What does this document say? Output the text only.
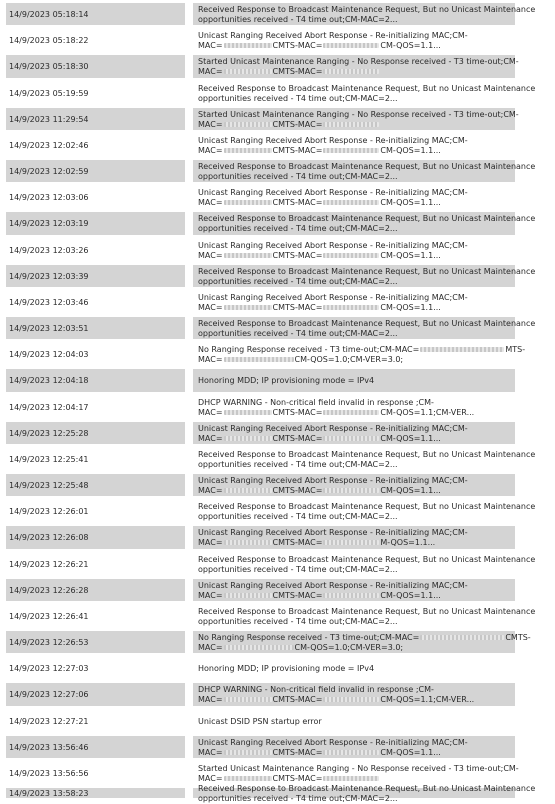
14/9/2023 05:18:14
Received Response to Broadcast Maintenance Request, But no Unicast Maintenance
opportunities received - T4 time out;CM-MAC=2...
14/9/2023 05:18:22
Unicast Ranging Received Abort Response - Re-initializing MAC;CM-
MAC=	CMTS-MAC=	CM-QOS=1.1...
14/9/2023 05:18:30
Started Unicast Maintenance Ranging - No Response received - T3 time-out;CM-
MAC=	CMTS-MAC=
14/9/2023 05:19:59
Received Response to Broadcast Maintenance Request, But no Unicast Maintenance
opportunities received - T4 time out;CM-MAC=2...
14/9/2023 11:29:54
Started Unicast Maintenance Ranging - No Response received - T3 time-out;CM-
MAC=	CMTS-MAC=
14/9/2023 12:02:46
Unicast Ranging Received Abort Response - Re-initializing MAC;CM-
MAC=	CMTS-MAC=	CM-QOS=1.1...
14/9/2023 12:02:59
Received Response to Broadcast Maintenance Request, But no Unicast Maintenance
opportunities received - T4 time out;CM-MAC=2...
14/9/2023 12:03:06
Unicast Ranging Received Abort Response - Re-initializing MAC;CM-
MAC=	CMTS-MAC=	CM-QOS=1.1...
14/9/2023 12:03:19
Received Response to Broadcast Maintenance Request, But no Unicast Maintenance
opportunities received - T4 time out;CM-MAC=2...
14/9/2023 12:03:26
Unicast Ranging Received Abort Response - Re-initializing MAC;CM-
MAC=	CMTS-MAC=	CM-QOS=1.1...
14/9/2023 12:03:39
Received Response to Broadcast Maintenance Request, But no Unicast Maintenance
opportunities received - T4 time out;CM-MAC=2...
14/9/2023 12:03:46
Unicast Ranging Received Abort Response - Re-initializing MAC;CM-
MAC=	CMTS-MAC=	CM-QOS=1.1...
14/9/2023 12:03:51
Received Response to Broadcast Maintenance Request, But no Unicast Maintenance
opportunities received - T4 time out;CM-MAC=2...
14/9/2023 12:04:03
No Ranging Response received - T3 time-out;CM-MAC=	MTS-
MAC=	CM-QOS=1.0;CM-VER=3.0;
14/9/2023 12:04:18	Honoring MDD; IP provisioning mode = IPv4
14/9/2023 12:04:17
DHCP WARNING - Non-critical field invalid in response ;CM-
MAC=	CMTS-MAC=	CM-QOS=1.1;CM-VER...
14/9/2023 12:25:28
Unicast Ranging Received Abort Response - Re-initializing MAC;CM-
MAC=	CMTS-MAC=	CM-QOS=1.1...
14/9/2023 12:25:41
Received Response to Broadcast Maintenance Request, But no Unicast Maintenance
opportunities received - T4 time out;CM-MAC=2...
14/9/2023 12:25:48
Unicast Ranging Received Abort Response - Re-initializing MAC;CM-
MAC=	CMTS-MAC=	CM-QOS=1.1...
14/9/2023 12:26:01
Received Response to Broadcast Maintenance Request, But no Unicast Maintenance
opportunities received - T4 time out;CM-MAC=2...
14/9/2023 12:26:08
Unicast Ranging Received Abort Response - Re-initializing MAC;CM-
MAC=	CMTS-MAC=	M-QOS=1.1...
14/9/2023 12:26:21
Received Response to Broadcast Maintenance Request, But no Unicast Maintenance
opportunities received - T4 time out;CM-MAC=2...
14/9/2023 12:26:28
Unicast Ranging Received Abort Response - Re-initializing MAC;CM-
MAC=	CMTS-MAC=	CM-QOS=1.1...
14/9/2023 12:26:41
Received Response to Broadcast Maintenance Request, But no Unicast Maintenance
opportunities received - T4 time out;CM-MAC=2...
14/9/2023 12:26:53
No Ranging Response received - T3 time-out;CM-MAC=	CMTS-
MAC=	CM-QOS=1.0;CM-VER=3.0;
14/9/2023 12:27:03	Honoring MDD; IP provisioning mode = IPv4
14/9/2023 12:27:06
DHCP WARNING - Non-critical field invalid in response ;CM-
MAC=	CMTS-MAC=	CM-QOS=1.1;CM-VER...
14/9/2023 12:27:21	Unicast DSID PSN startup error
14/9/2023 13:56:46
Unicast Ranging Received Abort Response - Re-initializing MAC;CM-
MAC=	CMTS-MAC=	CM-QOS=1.1...
14/9/2023 13:56:56
Started Unicast Maintenance Ranging - No Response received - T3 time-out;CM-
MAC=	CMTS-MAC=
14/9/2023 13:58:23
Received Response to Broadcast Maintenance Request, But no Unicast Maintenance
opportunities received - T4 time out;CM-MAC=2...
